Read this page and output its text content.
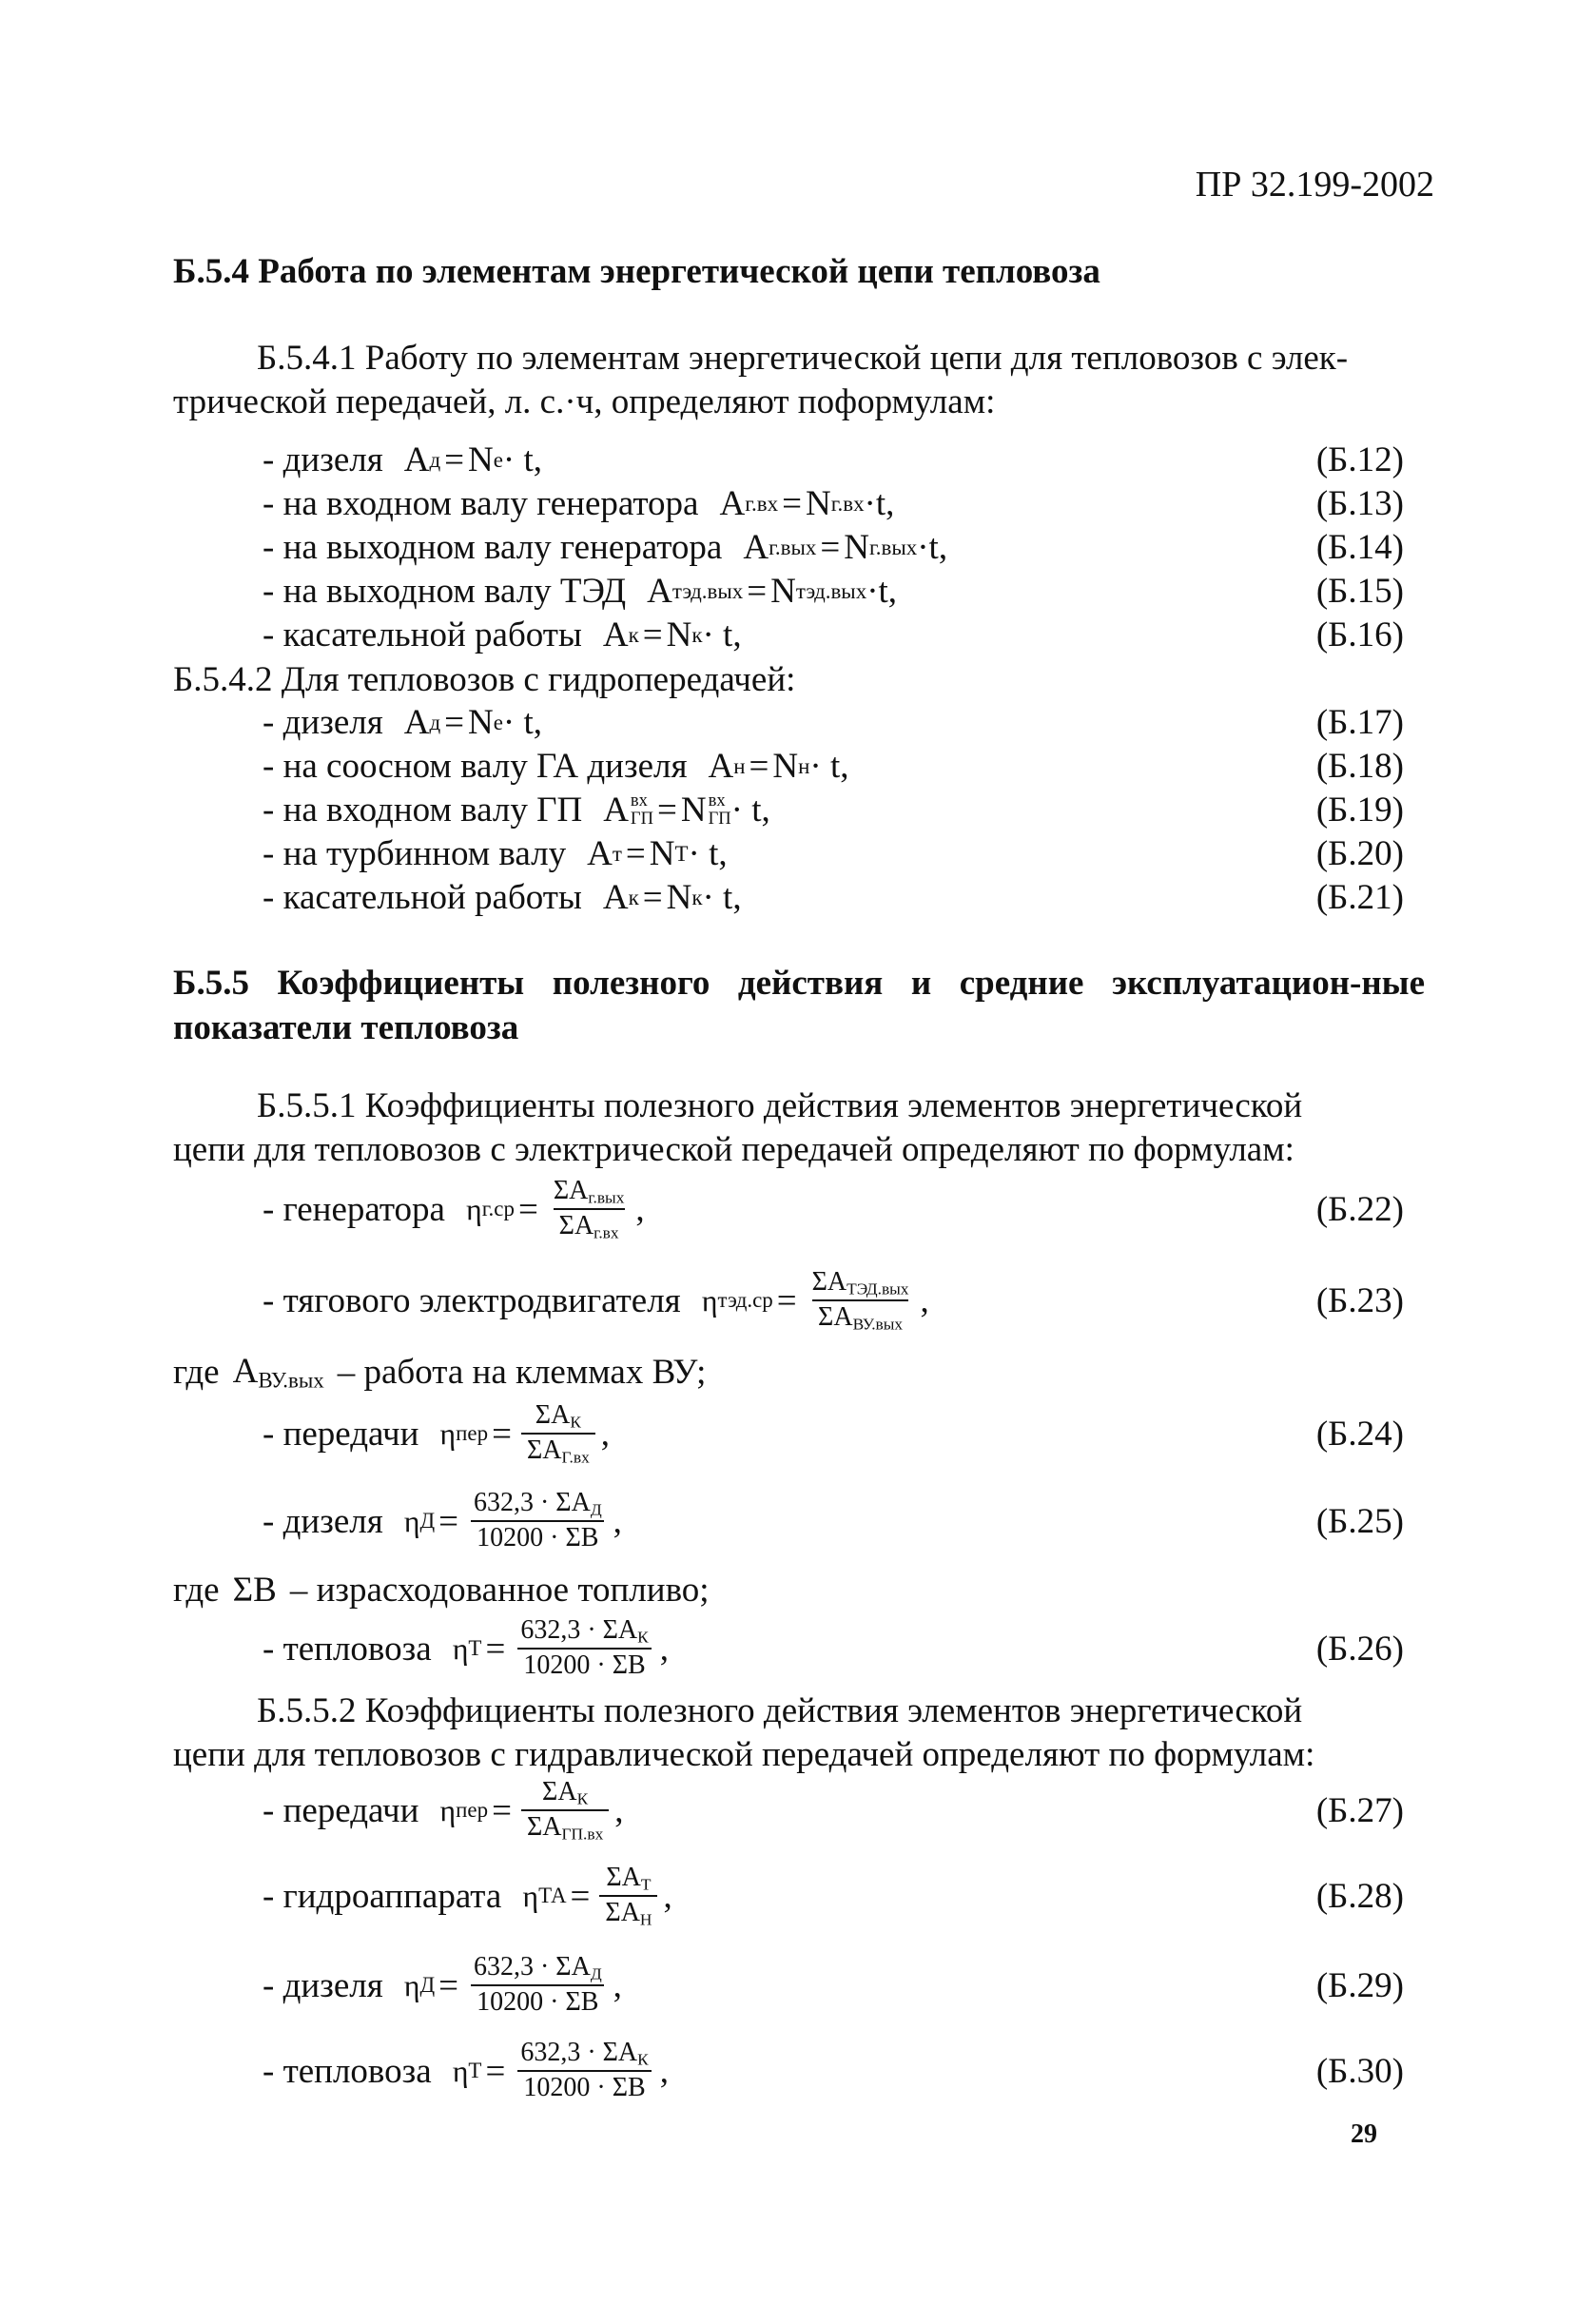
ПР 32.199-2002
Б.5.4 Работа по элементам энергетической цепи тепловоза
Б.5.4.1 Работу по элементам энергетической цепи для тепловозов с элек-
трической передачей, л. с.·ч, определяют поформулам:
- дизеля A д = N e · t,	(Б.12)
- на входном валу генератора A г.вх = N г.вх ·t,	(Б.13)
- на выходном валу генератора A г.вых = N г.вых ·t,	(Б.14)
- на выходном валу ТЭД A тэд.вых = N тэд.вых ·t,	(Б.15)
- касательной работы A к = N к · t,	(Б.16)
Б.5.4.2 Для тепловозов с гидропередачей:
- дизеля A д = N e · t,	(Б.17)
- на соосном валу ГА дизеля A н = N н · t,	(Б.18)
- на входном валу ГП A вх
ГП = N вх
ГП · t,	(Б.19)
- на турбинном валу A т = N T · t,	(Б.20)
- касательной работы A к = N к · t,	(Б.21)
Б.5.5 Коэффициенты полезного действия и средние эксплуатацион-ные показатели тепловоза
Б.5.5.1 Коэффициенты полезного действия элементов энергетической
цепи для тепловозов с электрической передачей определяют по формулам:
- генератора η $г.ср = \frac{\Sigma A_{г.вых}}{\Sigma A_{г.вх}}$ ,	(Б.22)
- тягового электродвигателя η $тэд.ср = \frac{\Sigma A_{ТЭД.вых}}{\Sigma A_{ВУ.вых}}$ ,	(Б.23)
где $A_{ВУ.вых}$ – работа на клеммах ВУ;
- передачи η пер = $\frac{\Sigma A_К}{\Sigma A_{Г.вх}}$ ,	(Б.24)
- дизеля η $Д = \frac{632,3 \cdot \Sigma A_Д}{10200 \cdot \Sigma B}$ ,	(Б.25)
где ΣB – израсходованное топливо;
- тепловоза η $Т = \frac{632,3 \cdot \Sigma A_К}{10200 \cdot \Sigma B}$ ,	(Б.26)
Б.5.5.2 Коэффициенты полезного действия элементов энергетической
цепи для тепловозов с гидравлической передачей определяют по формулам:
- передачи η пер = $\frac{\Sigma A_К}{\Sigma A_{ГП.вх}}$ ,	(Б.27)
- гидроаппарата η ТА = $\frac{\Sigma A_Т}{\Sigma A_Н}$ ,	(Б.28)
- дизеля η $Д = \frac{632,3 \cdot \Sigma A_Д}{10200 \cdot \Sigma B}$ ,	(Б.29)
- тепловоза η $Т = \frac{632,3 \cdot \Sigma A_К}{10200 \cdot \Sigma B}$ ,	(Б.30)
29
